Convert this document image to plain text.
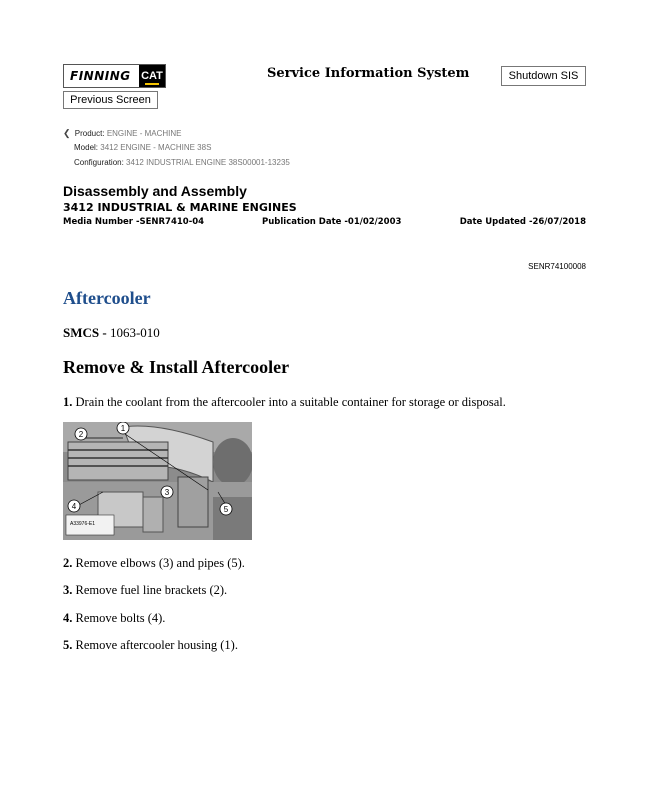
FINNING CAT	Service Information System	Shutdown SIS
Previous Screen
❮ Product: ENGINE - MACHINE
Model: 3412 ENGINE - MACHINE 38S
Configuration: 3412 INDUSTRIAL ENGINE 38S00001-13235
Disassembly and Assembly
3412 INDUSTRIAL & MARINE ENGINES
Media Number -SENR7410-04	Publication Date -01/02/2003	Date Updated -26/07/2018
SENR74100008
Aftercooler
SMCS - 1063-010
Remove & Install Aftercooler
1. Drain the coolant from the aftercooler into a suitable container for storage or disposal.
2
1
3
4	5
A33976-E1
2. Remove elbows (3) and pipes (5).
3. Remove fuel line brackets (2).
4. Remove bolts (4).
5. Remove aftercooler housing (1).
